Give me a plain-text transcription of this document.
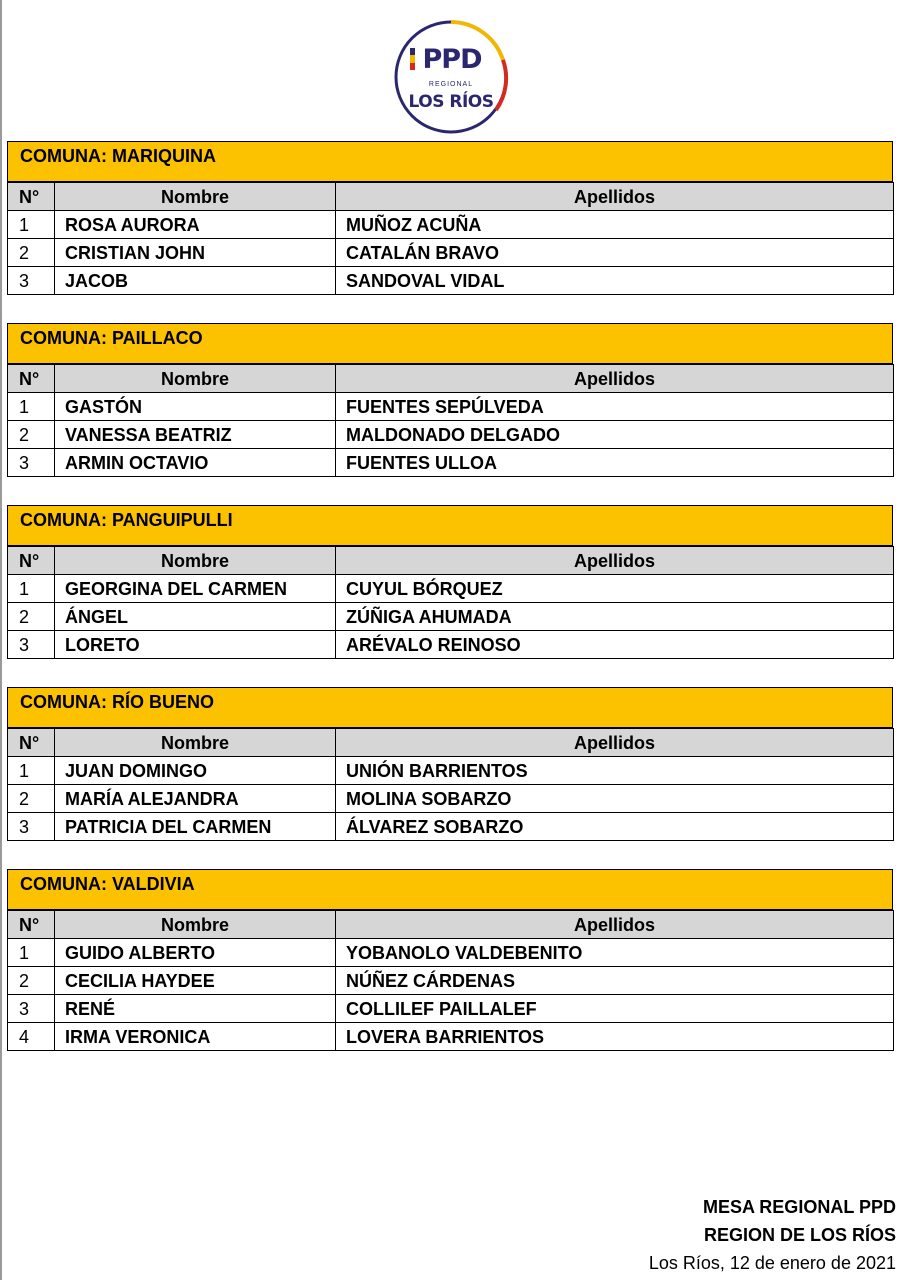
PPD
REGIONAL
LOS RÍOS
COMUNA: MARIQUINA
N°	Nombre	Apellidos
1	ROSA AURORA	MUÑOZ ACUÑA
2	CRISTIAN JOHN	CATALÁN BRAVO
3	JACOB	SANDOVAL VIDAL
COMUNA: PAILLACO
N°	Nombre	Apellidos
1	GASTÓN	FUENTES SEPÚLVEDA
2	VANESSA BEATRIZ	MALDONADO DELGADO
3	ARMIN OCTAVIO	FUENTES ULLOA
COMUNA: PANGUIPULLI
N°	Nombre	Apellidos
1	GEORGINA DEL CARMEN	CUYUL BÓRQUEZ
2	ÁNGEL	ZÚÑIGA AHUMADA
3	LORETO	ARÉVALO REINOSO
COMUNA: RÍO BUENO
N°	Nombre	Apellidos
1	JUAN DOMINGO	UNIÓN BARRIENTOS
2	MARÍA ALEJANDRA	MOLINA SOBARZO
3	PATRICIA DEL CARMEN	ÁLVAREZ SOBARZO
COMUNA: VALDIVIA
N°	Nombre	Apellidos
1	GUIDO ALBERTO	YOBANOLO VALDEBENITO
2	CECILIA HAYDEE	NÚÑEZ CÁRDENAS
3	RENÉ	COLLILEF PAILLALEF
4	IRMA VERONICA	LOVERA BARRIENTOS
MESA REGIONAL PPD
REGION DE LOS RÍOS
Los Ríos, 12 de enero de 2021
